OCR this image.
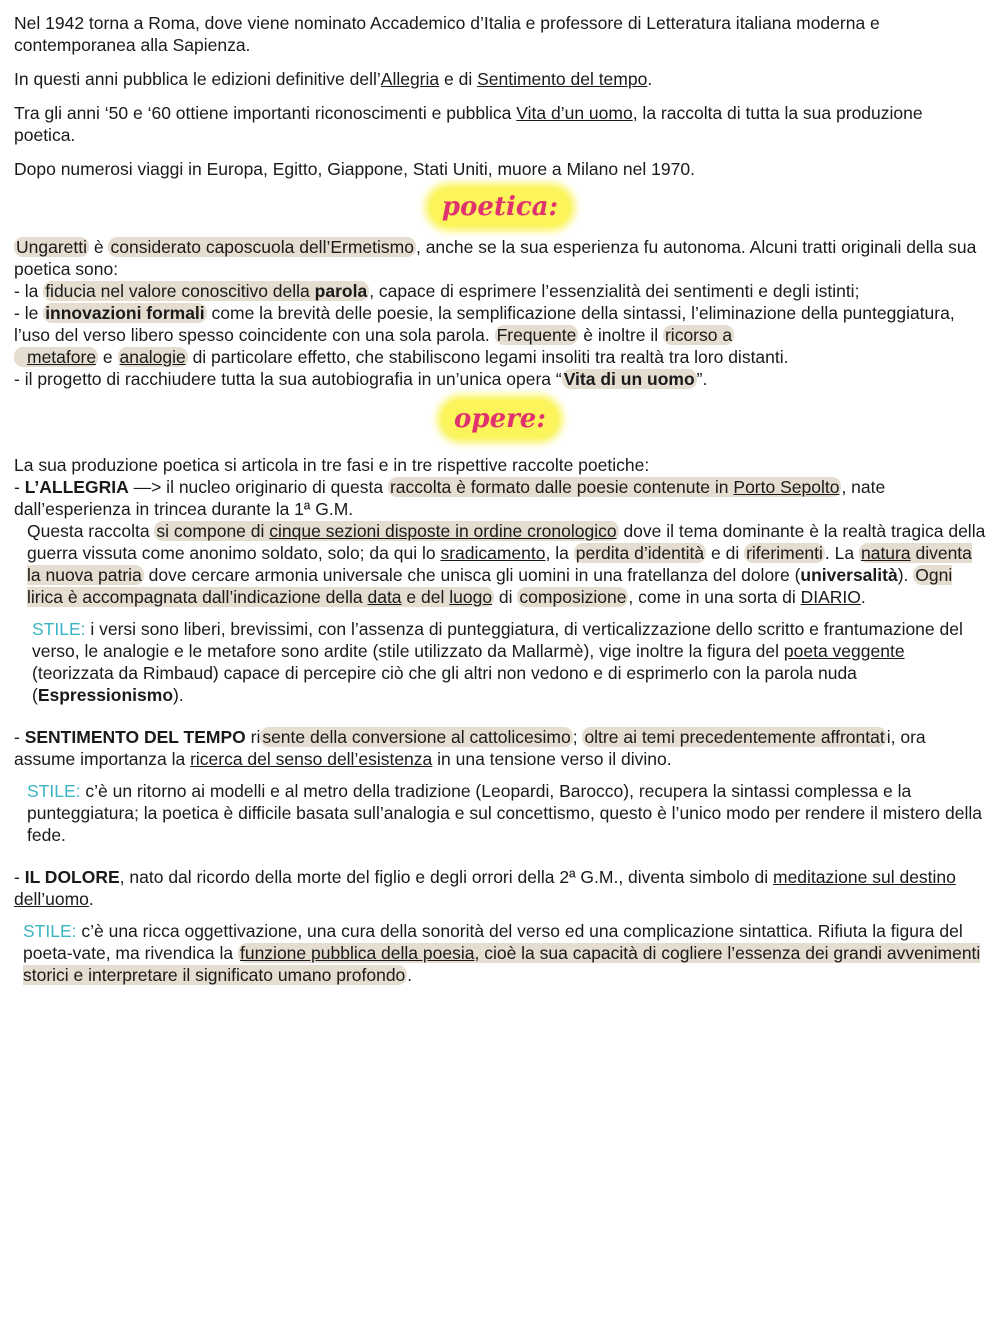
Nel 1942 torna a Roma, dove viene nominato Accademico d’Italia e professore di Letteratura italiana moderna e contemporanea alla Sapienza.

In questi anni pubblica le edizioni definitive dell’Allegria e di Sentimento del tempo.

Tra gli anni ‘50 e ‘60 ottiene importanti riconoscimenti e pubblica Vita d’un uomo, la raccolta di tutta la sua produzione poetica.

Dopo numerosi viaggi in Europa, Egitto, Giappone, Stati Uniti, muore a Milano nel 1970.

poetica:

Ungaretti è considerato caposcuola dell’Ermetismo , anche se la sua esperienza fu autonoma. Alcuni tratti originali della sua poetica sono:

- la fiducia nel valore conoscitivo della parola , capace di esprimere l’essenzialità dei sentimenti e degli istinti;

- le innovazioni formali come la brevità delle poesie, la semplificazione della sintassi, l’eliminazione della punteggiatura, l’uso del verso libero spesso coincidente con una sola parola. Frequente è inoltre il ricorso a
metafore e analogie di particolare effetto, che stabiliscono legami insoliti tra realtà tra loro distanti.

- il progetto di racchiudere tutta la sua autobiografia in un’unica opera “ Vita di un uomo ”.

opere:

La sua produzione poetica si articola in tre fasi e in tre rispettive raccolte poetiche:

- L’ALLEGRIA —> il nucleo originario di questa raccolta è formato dalle poesie contenute in Porto Sepolto , nate dall’esperienza in trincea durante la 1ª G.M.

Questa raccolta si compone di cinque sezioni disposte in ordine cronologico dove il tema dominante è la realtà tragica della guerra vissuta come anonimo soldato, solo; da qui lo sradicamento, la perdita d’identità e di riferimenti . La natura diventa la nuova patria dove cercare armonia universale che unisca gli uomini in una fratellanza del dolore (universalità). Ogni lirica è accompagnata dall’indicazione della data e del luogo di composizione , come in una sorta di DIARIO.

STILE: i versi sono liberi, brevissimi, con l’assenza di punteggiatura, di verticalizzazione dello scritto e frantumazione del verso, le analogie e le metafore sono ardite (stile utilizzato da Mallarmè), vige inoltre la figura del poeta veggente (teorizzata da Rimbaud) capace di percepire ciò che gli altri non vedono e di esprimerlo con la parola nuda (Espressionismo).

- SENTIMENTO DEL TEMPO ri sente della conversione al cattolicesimo ; oltre ai temi precedentemente affrontat i, ora assume importanza la ricerca del senso dell’esistenza in una tensione verso il divino.

STILE: c’è un ritorno ai modelli e al metro della tradizione (Leopardi, Barocco), recupera la sintassi complessa e la punteggiatura; la poetica è difficile basata sull’analogia e sul concettismo, questo è l’unico modo per rendere il mistero della fede.

- IL DOLORE, nato dal ricordo della morte del figlio e degli orrori della 2ª G.M., diventa simbolo di meditazione sul destino dell’uomo.

STILE: c’è una ricca oggettivazione, una cura della sonorità del verso ed una complicazione sintattica. Rifiuta la figura del poeta-vate, ma rivendica la funzione pubblica della poesia, cioè la sua capacità di cogliere l’essenza dei grandi avvenimenti storici e interpretare il significato umano profondo .
